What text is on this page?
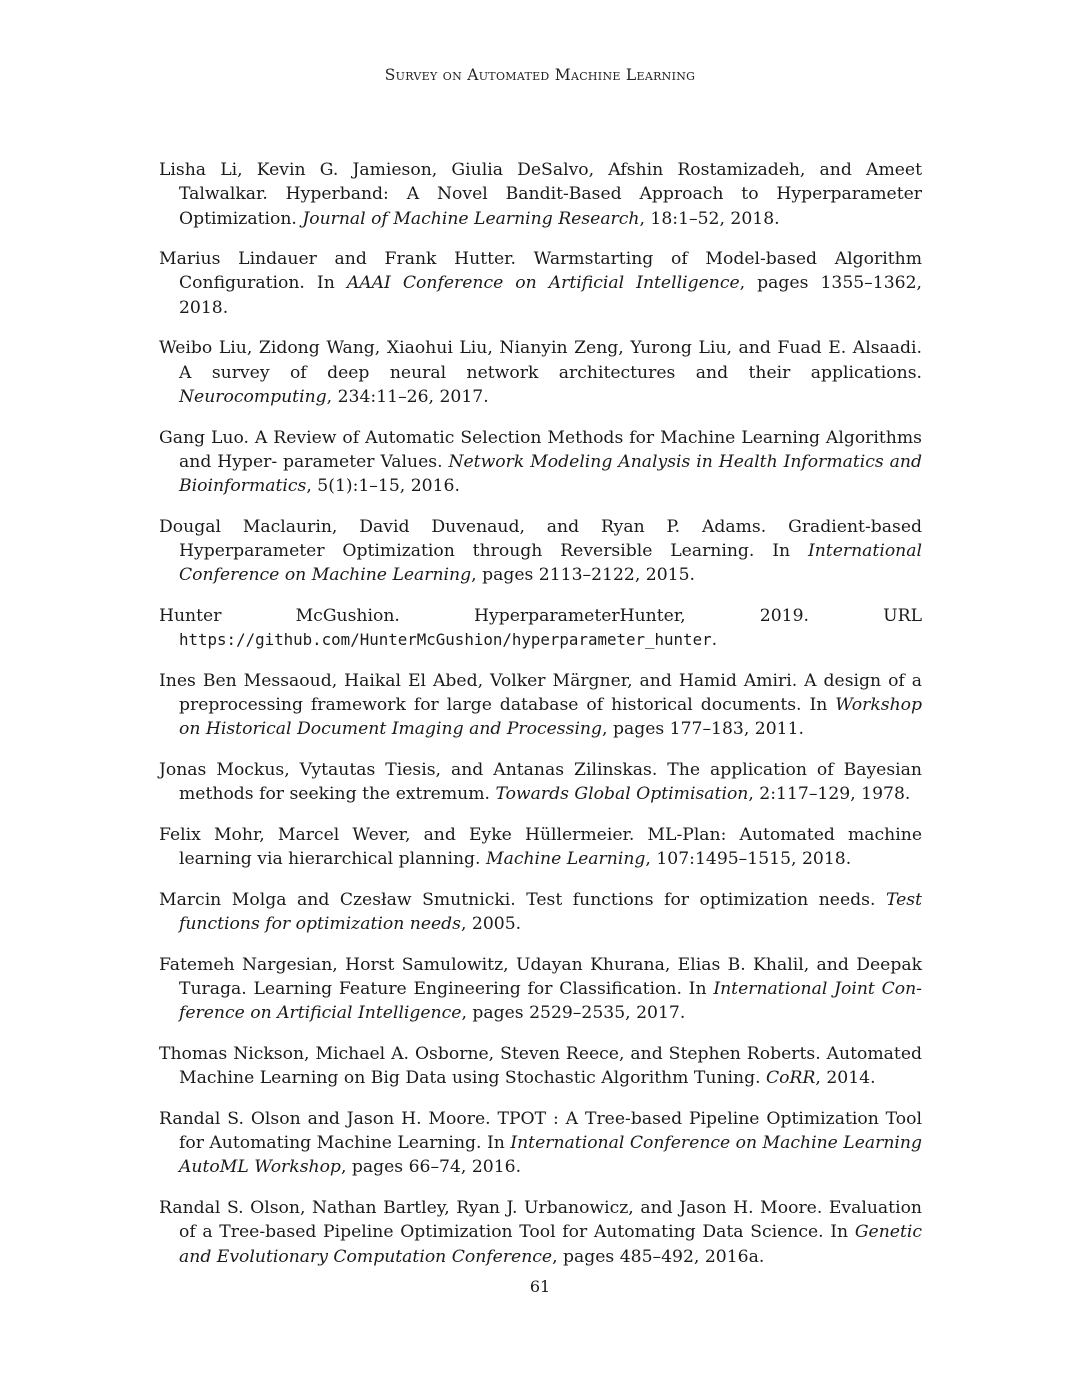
Survey on Automated Machine Learning
Lisha Li, Kevin G. Jamieson, Giulia DeSalvo, Afshin Rostamizadeh, and Ameet Talwalkar. Hyperband: A Novel Bandit-Based Approach to Hyperparameter Optimization. Journal of Machine Learning Research, 18:1–52, 2018.
Marius Lindauer and Frank Hutter. Warmstarting of Model-based Algorithm Configuration. In AAAI Conference on Artificial Intelligence, pages 1355–1362, 2018.
Weibo Liu, Zidong Wang, Xiaohui Liu, Nianyin Zeng, Yurong Liu, and Fuad E. Alsaadi. A survey of deep neural network architectures and their applications. Neurocomputing, 234:11–26, 2017.
Gang Luo. A Review of Automatic Selection Methods for Machine Learning Algorithms and Hyper- parameter Values. Network Modeling Analysis in Health Informatics and Bioinformatics, 5(1):1–15, 2016.
Dougal Maclaurin, David Duvenaud, and Ryan P. Adams. Gradient-based Hyperparameter Optimization through Reversible Learning. In International Conference on Machine Learning, pages 2113–2122, 2015.
Hunter McGushion. HyperparameterHunter, 2019. URL https://github.com/HunterMcGushion/hyperparameter_hunter.
Ines Ben Messaoud, Haikal El Abed, Volker Märgner, and Hamid Amiri. A design of a preprocessing framework for large database of historical documents. In Workshop on Historical Document Imaging and Processing, pages 177–183, 2011.
Jonas Mockus, Vytautas Tiesis, and Antanas Zilinskas. The application of Bayesian methods for seeking the extremum. Towards Global Optimisation, 2:117–129, 1978.
Felix Mohr, Marcel Wever, and Eyke Hüllermeier. ML-Plan: Automated machine learning via hierarchical planning. Machine Learning, 107:1495–1515, 2018.
Marcin Molga and Czesław Smutnicki. Test functions for optimization needs. Test functions for optimization needs, 2005.
Fatemeh Nargesian, Horst Samulowitz, Udayan Khurana, Elias B. Khalil, and Deepak Turaga. Learning Feature Engineering for Classification. In International Joint Conference on Artificial Intelligence, pages 2529–2535, 2017.
Thomas Nickson, Michael A. Osborne, Steven Reece, and Stephen Roberts. Automated Machine Learning on Big Data using Stochastic Algorithm Tuning. CoRR, 2014.
Randal S. Olson and Jason H. Moore. TPOT : A Tree-based Pipeline Optimization Tool for Automating Machine Learning. In International Conference on Machine Learning AutoML Workshop, pages 66–74, 2016.
Randal S. Olson, Nathan Bartley, Ryan J. Urbanowicz, and Jason H. Moore. Evaluation of a Tree-based Pipeline Optimization Tool for Automating Data Science. In Genetic and Evolutionary Computation Conference, pages 485–492, 2016a.
61
